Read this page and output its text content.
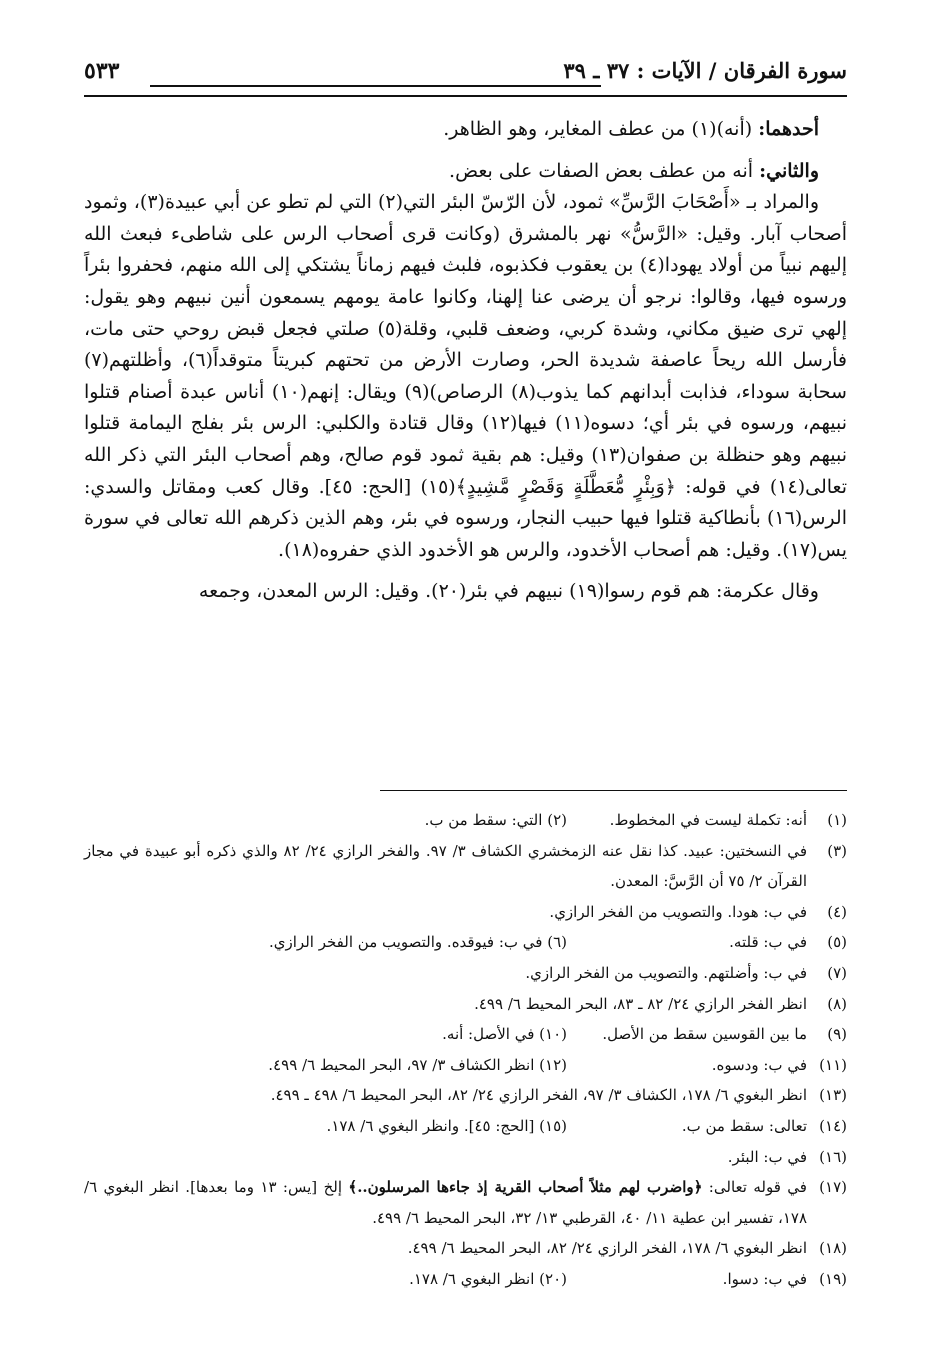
سورة الفرقان / الآيات : ٣٧ ـ ٣٩
٥٣٣

أحدهما: (أنه)(١) من عطف المغاير، وهو الظاهر.

والثاني: أنه من عطف بعض الصفات على بعض.

والمراد بـ «أَصْحَابَ الرَّسِّ» ثمود، لأن الرّسّ البئر التي(٢) التي لم تطو عن أبي عبيدة(٣)، وثمود أصحاب آبار. وقيل: «الرَّسُّ» نهر بالمشرق (وكانت قرى أصحاب الرس على شاطىء فبعث الله إليهم نبياً من أولاد يهودا(٤) بن يعقوب فكذبوه، فلبث فيهم زماناً يشتكي إلى الله منهم، فحفروا بئراً ورسوه فيها، وقالوا: نرجو أن يرضى عنا إلهنا، وكانوا عامة يومهم يسمعون أنين نبيهم وهو يقول: إلهي ترى ضيق مكاني، وشدة كربي، وضعف قلبي، وقلة(٥) صلتي فجعل قبض روحي حتى مات، فأرسل الله ريحاً عاصفة شديدة الحر، وصارت الأرض من تحتهم كبريتاً متوقداً(٦)، وأظلتهم(٧) سحابة سوداء، فذابت أبدانهم كما يذوب(٨) الرصاص)(٩) ويقال: إنهم(١٠) أناس عبدة أصنام قتلوا نبيهم، ورسوه في بئر أي؛ دسوه(١١) فيها(١٢) وقال قتادة والكلبي: الرس بئر بفلج اليمامة قتلوا نبيهم وهو حنظلة بن صفوان(١٣) وقيل: هم بقية ثمود قوم صالح، وهم أصحاب البئر التي ذكر الله تعالى(١٤) في قوله: ﴿وَبِئْرٍ مُّعَطَّلَةٍ وَقَصْرٍ مَّشِيدٍ﴾(١٥) [الحج: ٤٥]. وقال كعب ومقاتل والسدي: الرس(١٦) بأنطاكية قتلوا فيها حبيب النجار، ورسوه في بئر، وهم الذين ذكرهم الله تعالى في سورة يس(١٧). وقيل: هم أصحاب الأخدود، والرس هو الأخدود الذي حفروه(١٨).

وقال عكرمة: هم قوم رسوا(١٩) نبيهم في بئر(٢٠). وقيل: الرس المعدن، وجمعه

(١)
أنه: تكملة ليست في المخطوط.(٢) التي: سقط من ب.

(٣)
في النسختين: عبيد. كذا نقل عنه الزمخشري الكشاف ٣/ ٩٧. والفخر الرازي ٢٤/ ٨٢ والذي ذكره أبو عبيدة في مجاز القرآن ٢/ ٧٥ أن الرَّسَّ: المعدن.

(٤)
في ب: هودا. والتصويب من الفخر الرازي.

(٥)
في ب: قلته.(٦) في ب: فيوقده. والتصويب من الفخر الرازي.

(٧)
في ب: وأضلتهم. والتصويب من الفخر الرازي.

(٨)
انظر الفخر الرازي ٢٤/ ٨٢ ـ ٨٣، البحر المحيط ٦/ ٤٩٩.

(٩)
ما بين القوسين سقط من الأصل.(١٠) في الأصل: أنه.

(١١)
في ب: ودسوه.(١٢) انظر الكشاف ٣/ ٩٧، البحر المحيط ٦/ ٤٩٩.

(١٣)
انظر البغوي ٦/ ١٧٨، الكشاف ٣/ ٩٧، الفخر الرازي ٢٤/ ٨٢، البحر المحيط ٦/ ٤٩٨ ـ ٤٩٩.

(١٤)
تعالى: سقط من ب.(١٥) [الحج: ٤٥]. وانظر البغوي ٦/ ١٧٨.

(١٦)
في ب: البئر.

(١٧)
في قوله تعالى: ﴿واضرب لهم مثلاً أصحاب القرية إذ جاءها المرسلون..﴾ إلخ [يس: ١٣ وما بعدها]. انظر البغوي ٦/ ١٧٨، تفسير ابن عطية ١١/ ٤٠، القرطبي ١٣/ ٣٢، البحر المحيط ٦/ ٤٩٩.

(١٨)
انظر البغوي ٦/ ١٧٨، الفخر الرازي ٢٤/ ٨٢، البحر المحيط ٦/ ٤٩٩.

(١٩)
في ب: دسوا.(٢٠) انظر البغوي ٦/ ١٧٨.
